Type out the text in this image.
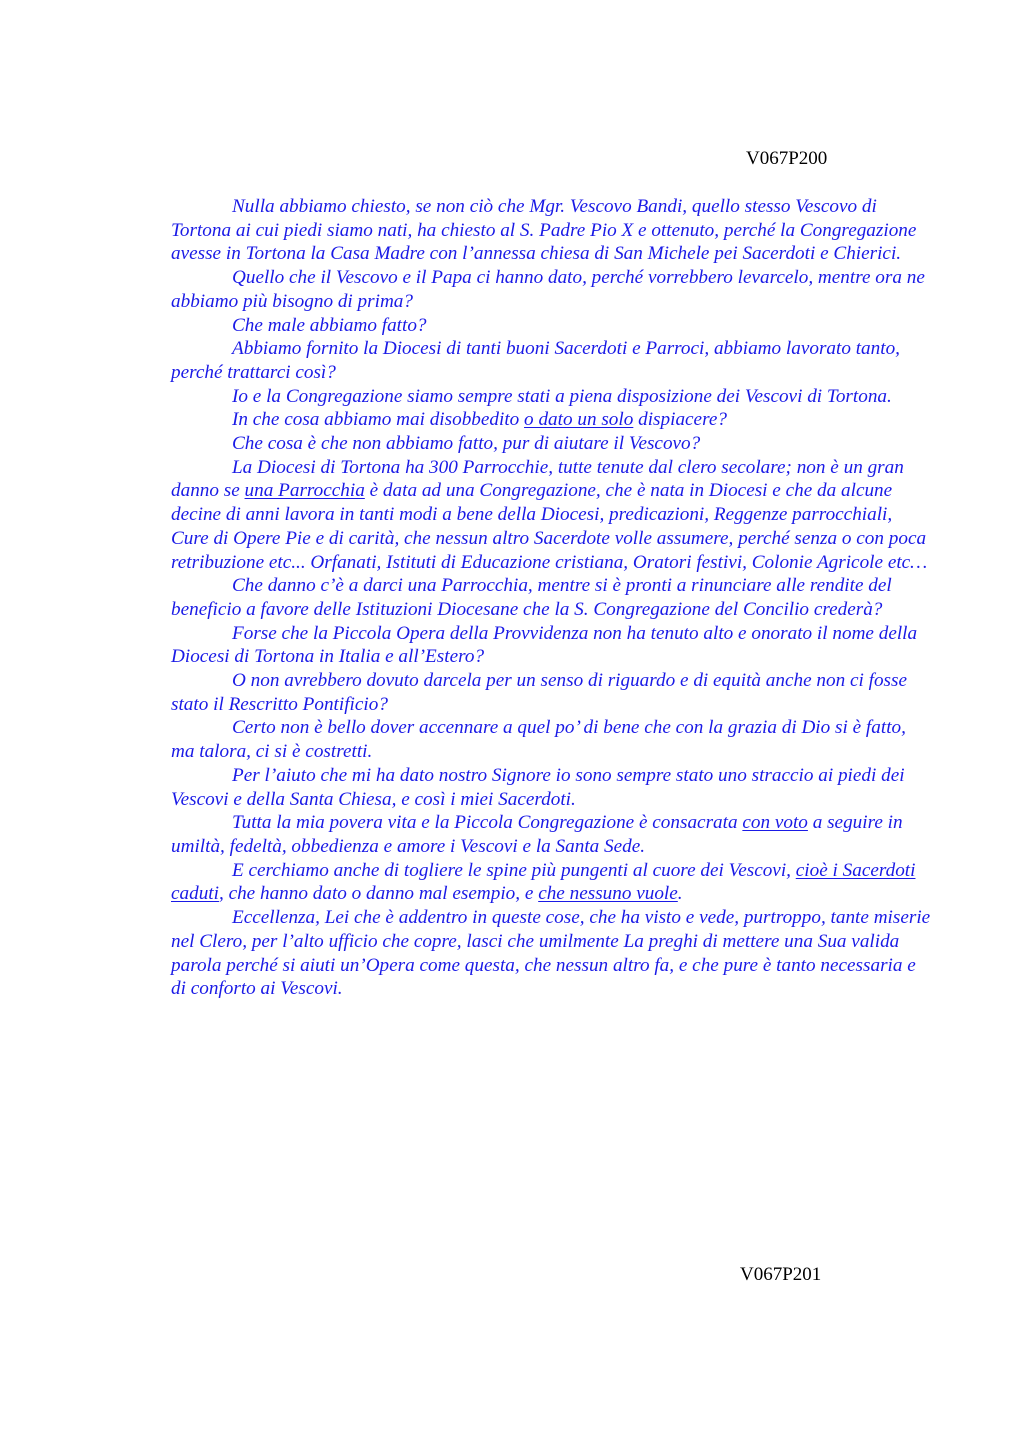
V067P200

Nulla abbiamo chiesto, se non ciò che Mgr. Vescovo Bandi, quello stesso Vescovo di Tortona ai cui piedi siamo nati, ha chiesto al S. Padre Pio X e ottenuto, perché la Congregazione avesse in Tortona la Casa Madre con l’annessa chiesa di San Michele pei Sacerdoti e Chierici.

Quello che il Vescovo e il Papa ci hanno dato, perché vorrebbero levarcelo, mentre ora ne abbiamo più bisogno di prima?

Che male abbiamo fatto?

Abbiamo fornito la Diocesi di tanti buoni Sacerdoti e Parroci, abbiamo lavorato tanto, perché trattarci così?

Io e la Congregazione siamo sempre stati a piena disposizione dei Vescovi di Tortona.

In che cosa abbiamo mai disobbedito o dato un solo dispiacere?

Che cosa è che non abbiamo fatto, pur di aiutare il Vescovo?

La Diocesi di Tortona ha 300 Parrocchie, tutte tenute dal clero secolare; non è un gran danno se una Parrocchia è data ad una Congregazione, che è nata in Diocesi e che da alcune decine di anni lavora in tanti modi a bene della Diocesi, predicazioni, Reggenze parrocchiali, Cure di Opere Pie e di carità, che nessun altro Sacerdote volle assumere, perché senza o con poca retribuzione etc... Orfanati, Istituti di Educazione cristiana, Oratori festivi, Colonie Agricole etc…

Che danno c’è a darci una Parrocchia, mentre si è pronti a rinunciare alle rendite del beneficio a favore delle Istituzioni Diocesane che la S. Congregazione del Concilio crederà?

Forse che la Piccola Opera della Provvidenza non ha tenuto alto e onorato il nome della Diocesi di Tortona in Italia e all’Estero?

O non avrebbero dovuto darcela per un senso di riguardo e di equità anche non ci fosse stato il Rescritto Pontificio?

Certo non è bello dover accennare a quel po’ di bene che con la grazia di Dio si è fatto, ma talora, ci si è costretti.

Per l’aiuto che mi ha dato nostro Signore io sono sempre stato uno straccio ai piedi dei Vescovi e della Santa Chiesa, e così i miei Sacerdoti.

Tutta la mia povera vita e la Piccola Congregazione è consacrata con voto a seguire in umiltà, fedeltà, obbedienza e amore i Vescovi e la Santa Sede.

E cerchiamo anche di togliere le spine più pungenti al cuore dei Vescovi, cioè i Sacerdoti caduti, che hanno dato o danno mal esempio, e che nessuno vuole.

Eccellenza, Lei che è addentro in queste cose, che ha visto e vede, purtroppo, tante miserie nel Clero, per l’alto ufficio che copre, lasci che umilmente La preghi di mettere una Sua valida parola perché si aiuti un’Opera come questa, che nessun altro fa, e che pure è tanto necessaria e di conforto ai Vescovi.

V067P201
